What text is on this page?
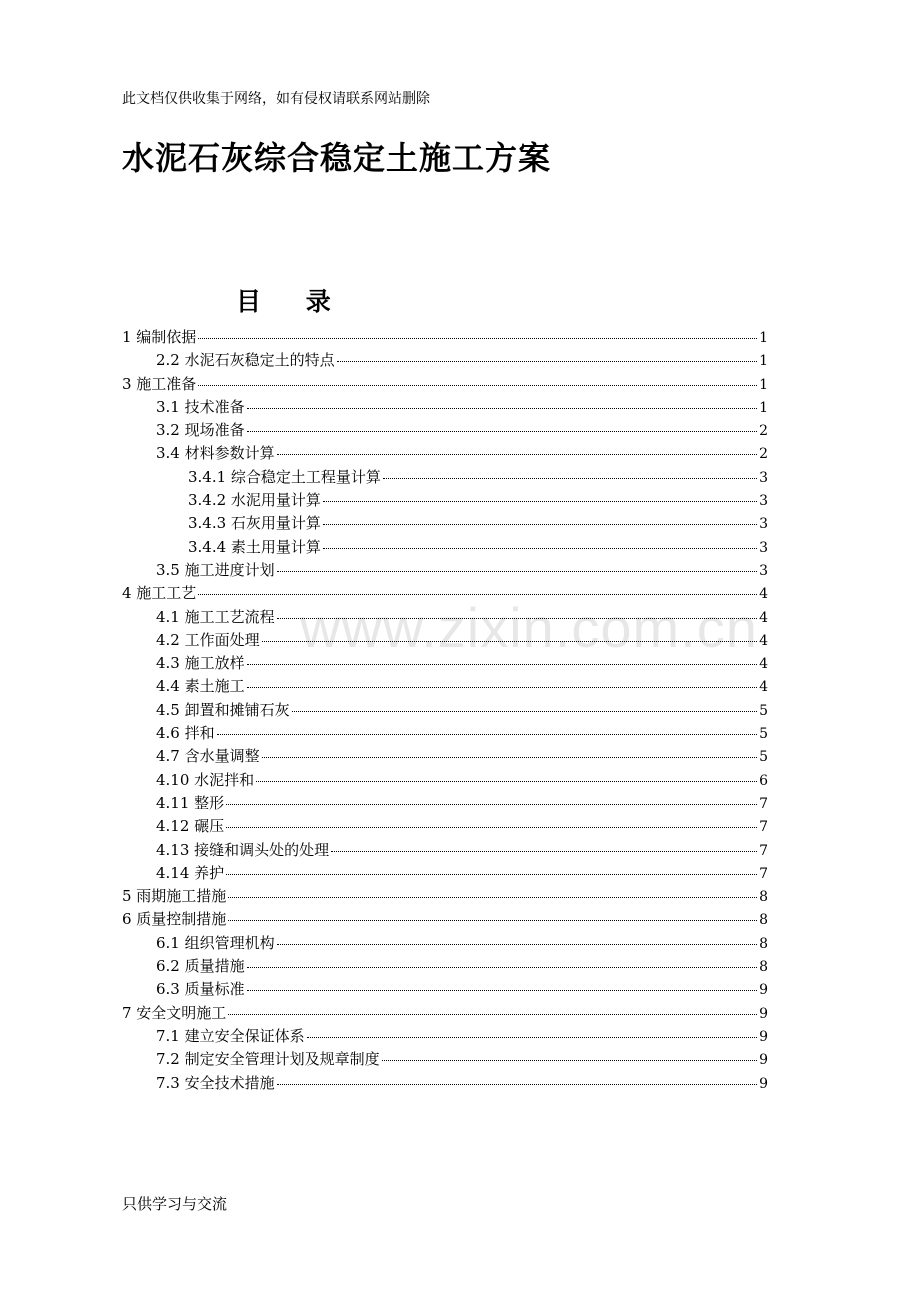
此文档仅供收集于网络，如有侵权请联系网站删除
水泥石灰综合稳定土施工方案
目 录
1 编制依据	1
2.2 水泥石灰稳定土的特点	1
3 施工准备	1
3.1 技术准备	1
3.2 现场准备	2
3.4 材料参数计算	2
3.4.1 综合稳定土工程量计算	3
3.4.2 水泥用量计算	3
3.4.3 石灰用量计算	3
3.4.4 素土用量计算	3
3.5 施工进度计划	3
4 施工工艺	4
4.1 施工工艺流程	4
4.2 工作面处理	4
4.3 施工放样	4
4.4 素土施工	4
4.5 卸置和摊铺石灰	5
4.6 拌和	5
4.7 含水量调整	5
4.10 水泥拌和	6
4.11 整形	7
4.12 碾压	7
4.13 接缝和调头处的处理	7
4.14 养护	7
5 雨期施工措施	8
6 质量控制措施	8
6.1 组织管理机构	8
6.2 质量措施	8
6.3 质量标准	9
7 安全文明施工	9
7.1 建立安全保证体系	9
7.2 制定安全管理计划及规章制度	9
7.3 安全技术措施	9
www.zixin.com.cn
只供学习与交流
